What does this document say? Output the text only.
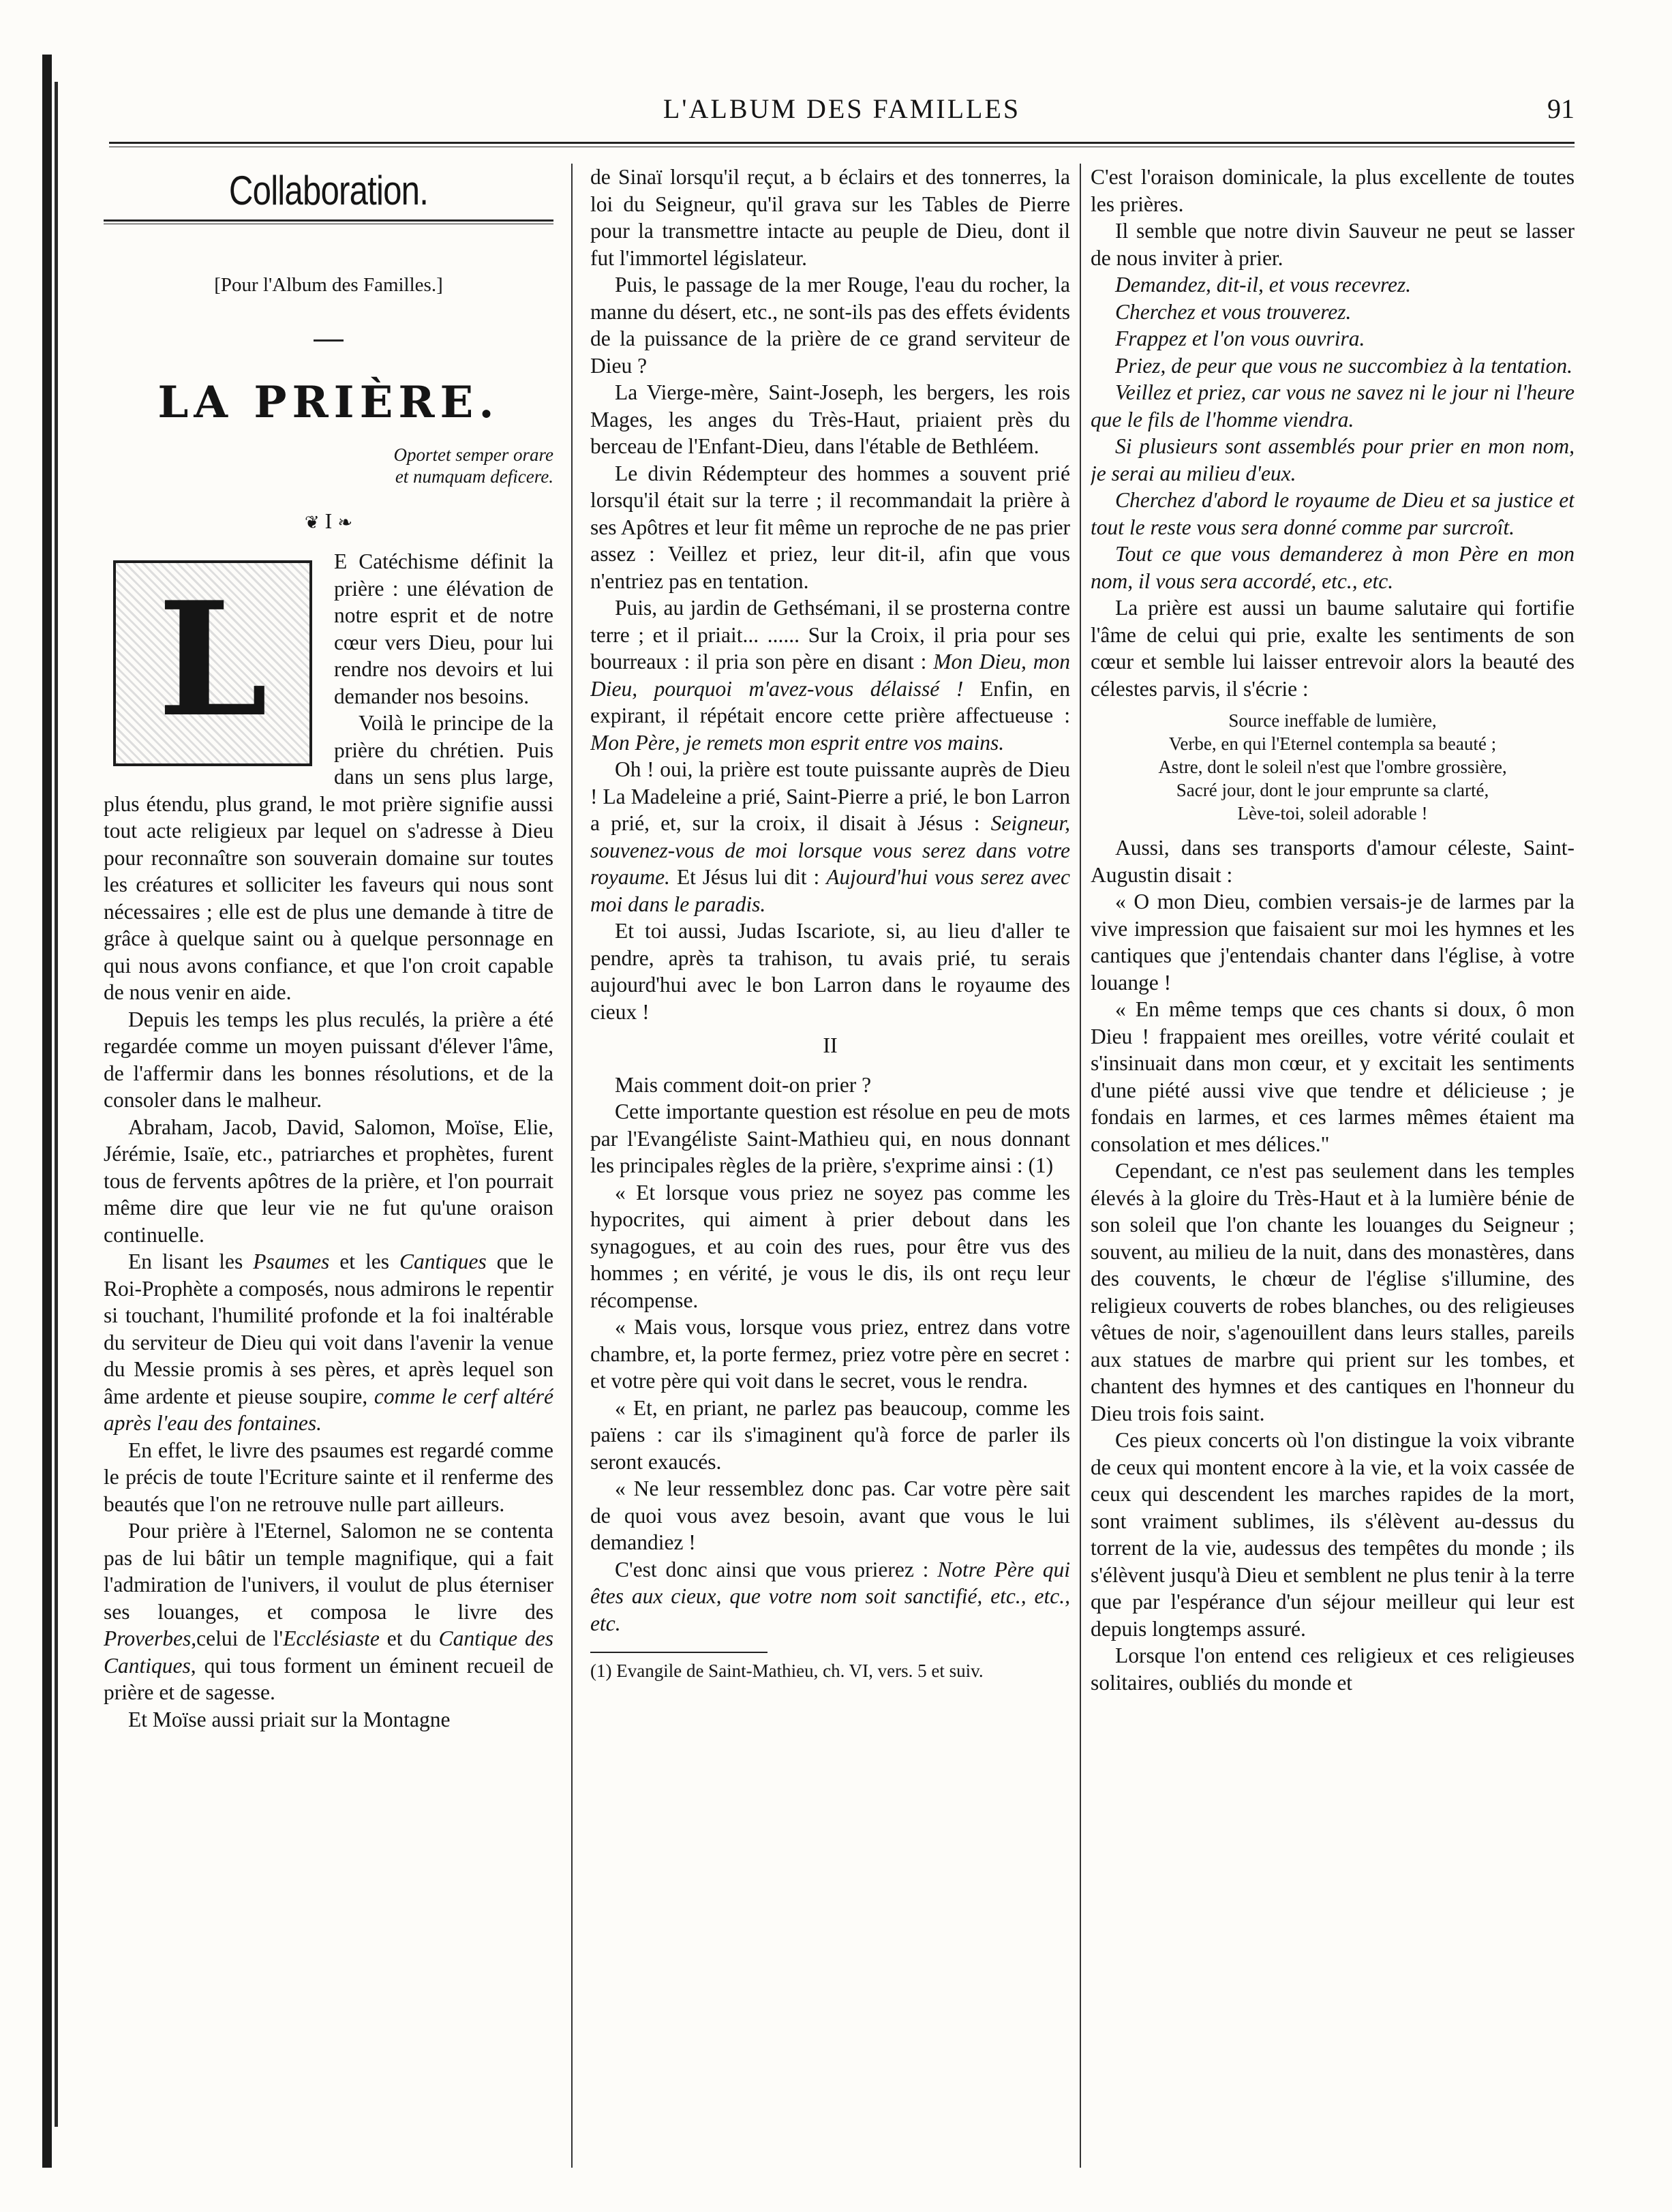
L'ALBUM DES FAMILLES	91
Collaboration.
[Pour l'Album des Familles.]
LA PRIÈRE.
Oportet semper orare
et numquam deficere.
❦ I ❧
L

E Catéchisme définit la prière : une élévation de notre esprit et de notre cœur vers Dieu, pour lui rendre nos devoirs et lui demander nos besoins.

Voilà le principe de la prière du chrétien. Puis dans un sens plus large, plus étendu, plus grand, le mot prière signifie aussi tout acte religieux par lequel on s'adresse à Dieu pour reconnaître son souverain domaine sur toutes les créatures et solliciter les faveurs qui nous sont nécessaires ; elle est de plus une demande à titre de grâce à quelque saint ou à quelque personnage en qui nous avons confiance, et que l'on croit capable de nous venir en aide.

Depuis les temps les plus reculés, la prière a été regardée comme un moyen puissant d'élever l'âme, de l'affermir dans les bonnes résolutions, et de la consoler dans le malheur.

Abraham, Jacob, David, Salomon, Moïse, Elie, Jérémie, Isaïe, etc., patriarches et prophètes, furent tous de fervents apôtres de la prière, et l'on pourrait même dire que leur vie ne fut qu'une oraison continuelle.

En lisant les Psaumes et les Cantiques que le Roi-Prophète a composés, nous admirons le repentir si touchant, l'humilité profonde et la foi inaltérable du serviteur de Dieu qui voit dans l'avenir la venue du Messie promis à ses pères, et après lequel son âme ardente et pieuse soupire, comme le cerf altéré après l'eau des fontaines.

En effet, le livre des psaumes est regardé comme le précis de toute l'Ecriture sainte et il renferme des beautés que l'on ne retrouve nulle part ailleurs.

Pour prière à l'Eternel, Salomon ne se contenta pas de lui bâtir un temple magnifique, qui a fait l'admiration de l'univers, il voulut de plus éterniser ses louanges, et composa le livre des Proverbes,celui de l'Ecclésiaste et du Cantique des Cantiques, qui tous forment un éminent recueil de prière et de sagesse.

Et Moïse aussi priait sur la Montagne

de Sinaï lorsqu'il reçut, a b éclairs et des tonnerres, la loi du Seigneur, qu'il grava sur les Tables de Pierre pour la transmettre intacte au peuple de Dieu, dont il fut l'immortel législateur.

Puis, le passage de la mer Rouge, l'eau du rocher, la manne du désert, etc., ne sont-ils pas des effets évidents de la puissance de la prière de ce grand serviteur de Dieu ?

La Vierge-mère, Saint-Joseph, les bergers, les rois Mages, les anges du Très-Haut, priaient près du berceau de l'Enfant-Dieu, dans l'étable de Bethléem.

Le divin Rédempteur des hommes a souvent prié lorsqu'il était sur la terre ; il recommandait la prière à ses Apôtres et leur fit même un reproche de ne pas prier assez : Veillez et priez, leur dit-il, afin que vous n'entriez pas en tentation.

Puis, au jardin de Gethsémani, il se prosterna contre terre ; et il priait... ...... Sur la Croix, il pria pour ses bourreaux : il pria son père en disant : Mon Dieu, mon Dieu, pourquoi m'avez-vous délaissé ! Enfin, en expirant, il répétait encore cette prière affectueuse : Mon Père, je remets mon esprit entre vos mains.

Oh ! oui, la prière est toute puissante auprès de Dieu ! La Madeleine a prié, Saint-Pierre a prié, le bon Larron a prié, et, sur la croix, il disait à Jésus : Seigneur, souvenez-vous de moi lorsque vous serez dans votre royaume. Et Jésus lui dit : Aujourd'hui vous serez avec moi dans le paradis.

Et toi aussi, Judas Iscariote, si, au lieu d'aller te pendre, après ta trahison, tu avais prié, tu serais aujourd'hui avec le bon Larron dans le royaume des cieux !

II

Mais comment doit-on prier ?

Cette importante question est résolue en peu de mots par l'Evangéliste Saint-Mathieu qui, en nous donnant les principales règles de la prière, s'exprime ainsi : (1)

« Et lorsque vous priez ne soyez pas comme les hypocrites, qui aiment à prier debout dans les synagogues, et au coin des rues, pour être vus des hommes ; en vérité, je vous le dis, ils ont reçu leur récompense.

« Mais vous, lorsque vous priez, entrez dans votre chambre, et, la porte fermez, priez votre père en secret : et votre père qui voit dans le secret, vous le rendra.

« Et, en priant, ne parlez pas beaucoup, comme les païens : car ils s'imaginent qu'à force de parler ils seront exaucés.

« Ne leur ressemblez donc pas. Car votre père sait de quoi vous avez besoin, avant que vous le lui demandiez !

C'est donc ainsi que vous prierez : Notre Père qui êtes aux cieux, que votre nom soit sanctifié, etc., etc., etc.

(1) Evangile de Saint-Mathieu, ch. VI, vers. 5 et suiv.

C'est l'oraison dominicale, la plus excellente de toutes les prières.

Il semble que notre divin Sauveur ne peut se lasser de nous inviter à prier.

Demandez, dit-il, et vous recevrez.

Cherchez et vous trouverez.

Frappez et l'on vous ouvrira.

Priez, de peur que vous ne succombiez à la tentation.

Veillez et priez, car vous ne savez ni le jour ni l'heure que le fils de l'homme viendra.

Si plusieurs sont assemblés pour prier en mon nom, je serai au milieu d'eux.

Cherchez d'abord le royaume de Dieu et sa justice et tout le reste vous sera donné comme par surcroît.

Tout ce que vous demanderez à mon Père en mon nom, il vous sera accordé, etc., etc.

La prière est aussi un baume salutaire qui fortifie l'âme de celui qui prie, exalte les sentiments de son cœur et semble lui laisser entrevoir alors la beauté des célestes parvis, il s'écrie :

Source ineffable de lumière,
Verbe, en qui l'Eternel contempla sa beauté ;
Astre, dont le soleil n'est que l'ombre grossière,
Sacré jour, dont le jour emprunte sa clarté,
Lève-toi, soleil adorable !

Aussi, dans ses transports d'amour céleste, Saint-Augustin disait :

« O mon Dieu, combien versais-je de larmes par la vive impression que faisaient sur moi les hymnes et les cantiques que j'entendais chanter dans l'église, à votre louange !

« En même temps que ces chants si doux, ô mon Dieu ! frappaient mes oreilles, votre vérité coulait et s'insinuait dans mon cœur, et y excitait les sentiments d'une piété aussi vive que tendre et délicieuse ; je fondais en larmes, et ces larmes mêmes étaient ma consolation et mes délices."

Cependant, ce n'est pas seulement dans les temples élevés à la gloire du Très-Haut et à la lumière bénie de son soleil que l'on chante les louanges du Seigneur ; souvent, au milieu de la nuit, dans des monastères, dans des couvents, le chœur de l'église s'illumine, des religieux couverts de robes blanches, ou des religieuses vêtues de noir, s'agenouillent dans leurs stalles, pareils aux statues de marbre qui prient sur les tombes, et chantent des hymnes et des cantiques en l'honneur du Dieu trois fois saint.

Ces pieux concerts où l'on distingue la voix vibrante de ceux qui montent encore à la vie, et la voix cassée de ceux qui descendent les marches rapides de la mort, sont vraiment sublimes, ils s'élèvent au-dessus du torrent de la vie, audessus des tempêtes du monde ; ils s'élèvent jusqu'à Dieu et semblent ne plus tenir à la terre que par l'espérance d'un séjour meilleur qui leur est depuis longtemps assuré.

Lorsque l'on entend ces religieux et ces religieuses solitaires, oubliés du monde et
